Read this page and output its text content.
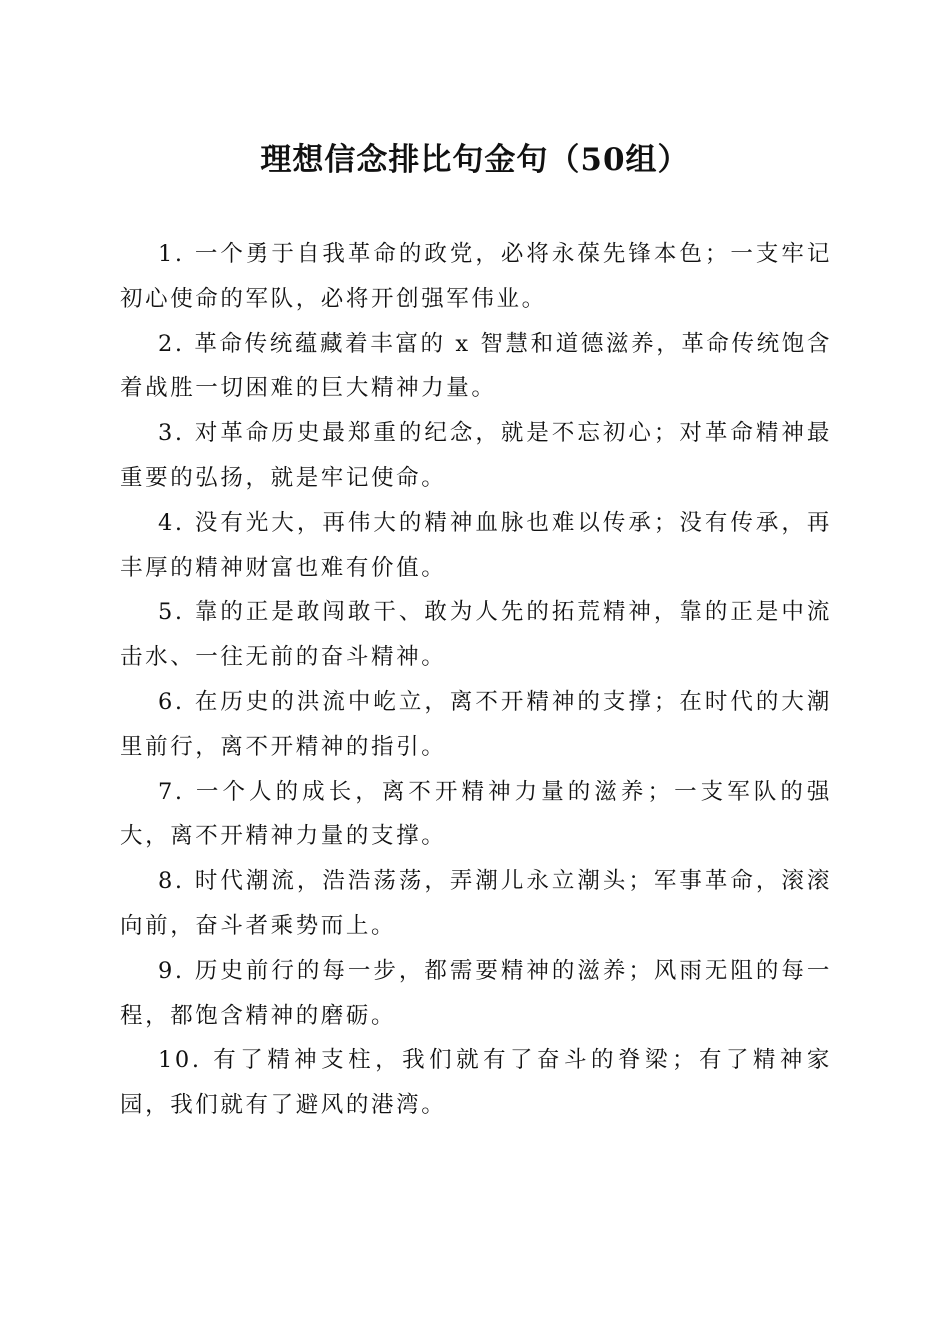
理想信念排比句金句（50组）

1. 一个勇于自我革命的政党，必将永葆先锋本色；一支牢记初心使命的军队，必将开创强军伟业。

2. 革命传统蕴藏着丰富的 x 智慧和道德滋养，革命传统饱含着战胜一切困难的巨大精神力量。

3. 对革命历史最郑重的纪念，就是不忘初心；对革命精神最重要的弘扬，就是牢记使命。

4. 没有光大，再伟大的精神血脉也难以传承；没有传承，再丰厚的精神财富也难有价值。

5. 靠的正是敢闯敢干、敢为人先的拓荒精神，靠的正是中流击水、一往无前的奋斗精神。

6. 在历史的洪流中屹立，离不开精神的支撑；在时代的大潮里前行，离不开精神的指引。

7. 一个人的成长，离不开精神力量的滋养；一支军队的强大，离不开精神力量的支撑。

8. 时代潮流，浩浩荡荡，弄潮儿永立潮头；军事革命，滚滚向前，奋斗者乘势而上。

9. 历史前行的每一步，都需要精神的滋养；风雨无阻的每一程，都饱含精神的磨砺。

10. 有了精神支柱，我们就有了奋斗的脊梁；有了精神家园，我们就有了避风的港湾。
